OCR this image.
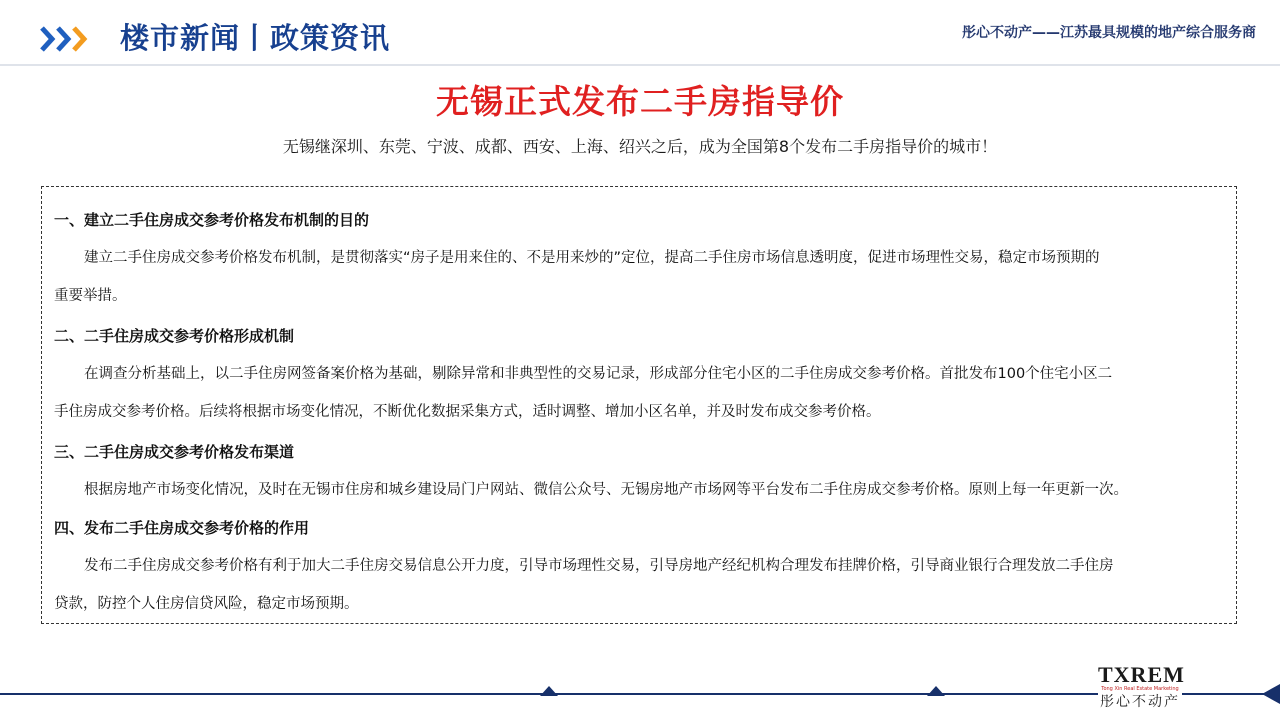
楼市新闻丨政策资讯	彤心不动产——江苏最具规模的地产综合服务商
无锡正式发布二手房指导价
无锡继深圳、东莞、宁波、成都、西安、上海、绍兴之后，成为全国第8个发布二手房指导价的城市！
一、建立二手住房成交参考价格发布机制的目的
建立二手住房成交参考价格发布机制，是贯彻落实“房子是用来住的、不是用来炒的”定位，提高二手住房市场信息透明度，促进市场理性交易，稳定市场预期的
重要举措。
二、二手住房成交参考价格形成机制
在调查分析基础上，以二手住房网签备案价格为基础，剔除异常和非典型性的交易记录，形成部分住宅小区的二手住房成交参考价格。首批发布100个住宅小区二
手住房成交参考价格。后续将根据市场变化情况，不断优化数据采集方式，适时调整、增加小区名单，并及时发布成交参考价格。
三、二手住房成交参考价格发布渠道
根据房地产市场变化情况，及时在无锡市住房和城乡建设局门户网站、微信公众号、无锡房地产市场网等平台发布二手住房成交参考价格。原则上每一年更新一次。
四、发布二手住房成交参考价格的作用
发布二手住房成交参考价格有利于加大二手住房交易信息公开力度，引导市场理性交易，引导房地产经纪机构合理发布挂牌价格，引导商业银行合理发放二手住房
贷款，防控个人住房信贷风险，稳定市场预期。
TXREM
Tong Xin Real Estate Marketing
彤心不动产
